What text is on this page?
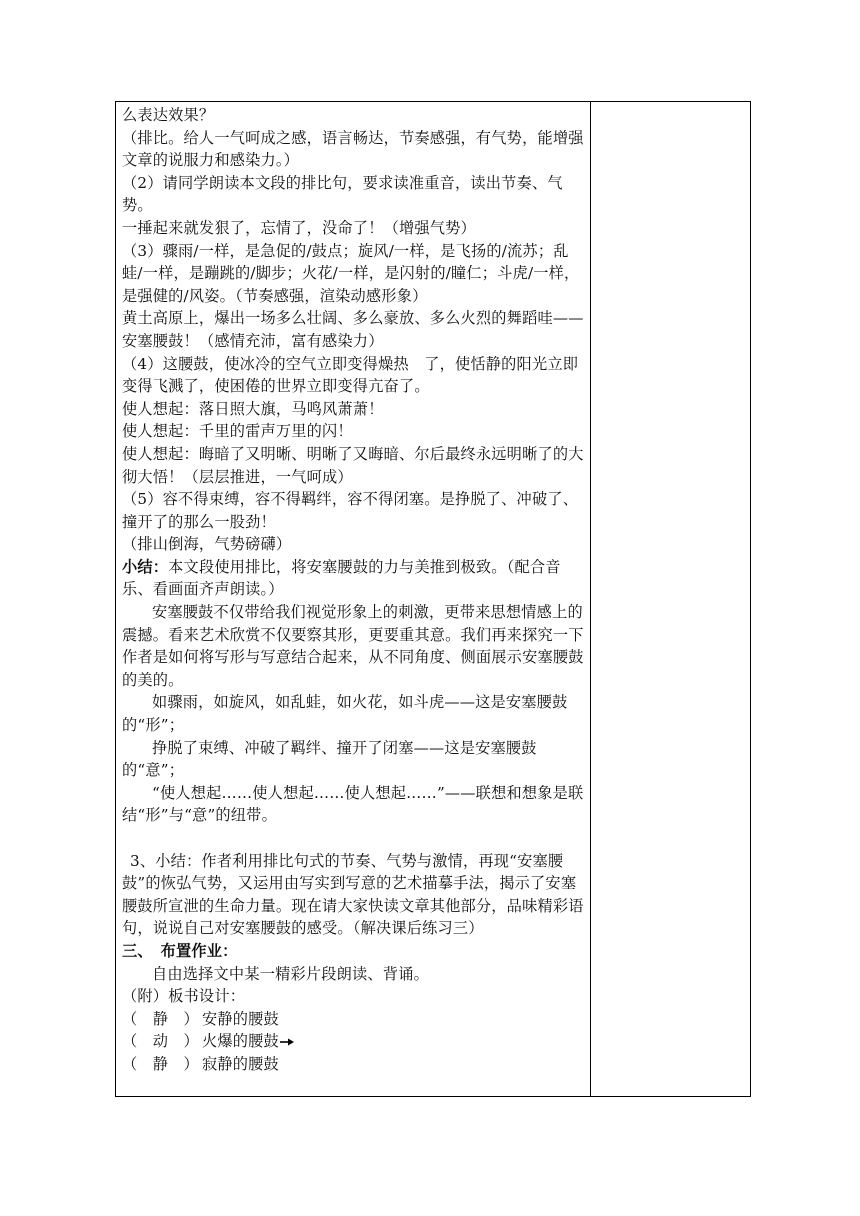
么表达效果？

（排比。给人一气呵成之感，语言畅达，节奏感强，有气势，能增强文章的说服力和感染力。）

（2）请同学朗读本文段的排比句，要求读准重音，读出节奏、气势。

一捶起来就发狠了，忘情了，没命了！（增强气势）

（3）骤雨/一样，是急促的/鼓点；旋风/一样，是飞扬的/流苏；乱蛙/一样，是蹦跳的/脚步；火花/一样，是闪射的/瞳仁；斗虎/一样，是强健的/风姿。（节奏感强，渲染动感形象）

黄土高原上，爆出一场多么壮阔、多么豪放、多么火烈的舞蹈哇——安塞腰鼓！（感情充沛，富有感染力）

（4）这腰鼓，使冰冷的空气立即变得燥热　了，使恬静的阳光立即变得飞溅了，使困倦的世界立即变得亢奋了。

使人想起：落日照大旗，马鸣风萧萧！

使人想起：千里的雷声万里的闪！

使人想起：晦暗了又明晰、明晰了又晦暗、尔后最终永远明晰了的大彻大悟！（层层推进，一气呵成）

（5）容不得束缚，容不得羁绊，容不得闭塞。是挣脱了、冲破了、撞开了的那么一股劲！

（排山倒海，气势磅礴）

小结：本文段使用排比，将安塞腰鼓的力与美推到极致。（配合音乐、看画面齐声朗读。）

安塞腰鼓不仅带给我们视觉形象上的刺激，更带来思想情感上的震撼。看来艺术欣赏不仅要察其形，更要重其意。我们再来探究一下作者是如何将写形与写意结合起来，从不同角度、侧面展示安塞腰鼓的美的。

如骤雨，如旋风，如乱蛙，如火花，如斗虎——这是安塞腰鼓的“形”；

挣脱了束缚、冲破了羁绊、撞开了闭塞——这是安塞腰鼓的“意”；

“使人想起……使人想起……使人想起……”——联想和想象是联结“形”与“意”的纽带。

3、小结：作者利用排比句式的节奏、气势与激情，再现“安塞腰鼓”的恢弘气势，又运用由写实到写意的艺术描摹手法，揭示了安塞腰鼓所宣泄的生命力量。现在请大家快读文章其他部分，品味精彩语句，说说自己对安塞腰鼓的感受。（解决课后练习三）

三、　布置作业：

自由选择文中某一精彩片段朗读、背诵。

（附）板书设计：

（　静　） 安静的腰鼓

（　动　） 火爆的腰鼓

（　静　） 寂静的腰鼓
